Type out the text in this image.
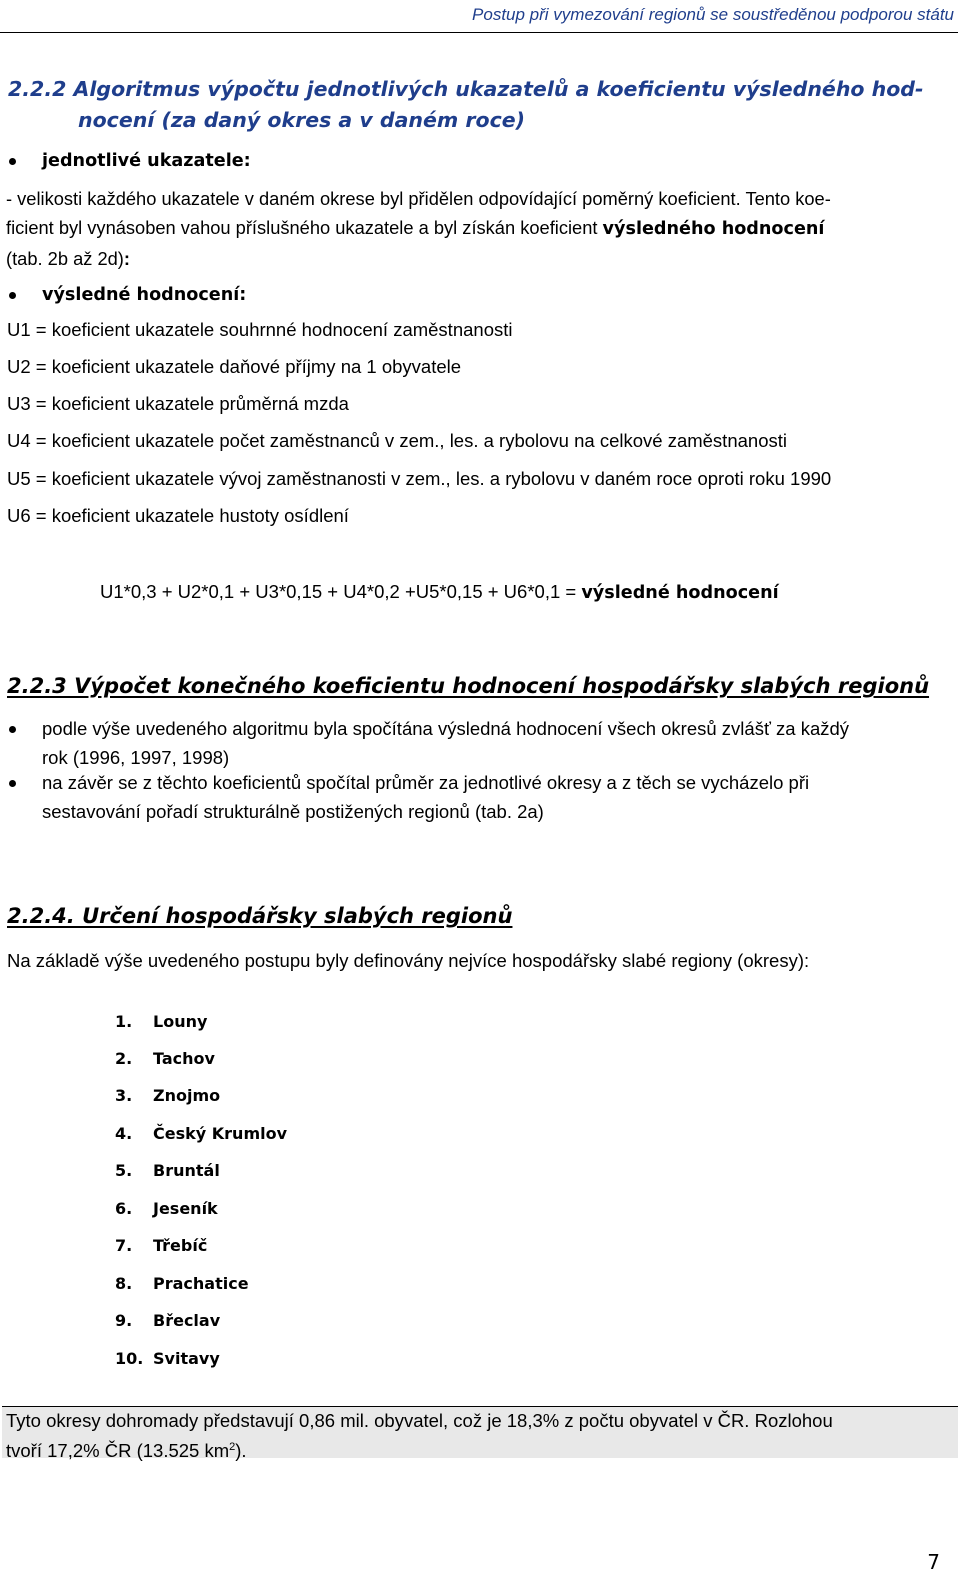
Postup při vymezování regionů se soustředěnou podporou státu
2.2.2 Algoritmus výpočtu jednotlivých ukazatelů a koeficientu výsledného hod-
nocení (za daný okres a v daném roce)
jednotlivé ukazatele:
- velikosti každého ukazatele v daném okrese byl přidělen odpovídající poměrný koeficient. Tento koe-
ficient byl vynásoben vahou příslušného ukazatele a byl získán koeficient výsledného hodnocení
(tab. 2b až 2d):
výsledné hodnocení:
U1 = koeficient ukazatele souhrnné hodnocení zaměstnanosti
U2 = koeficient ukazatele daňové příjmy na 1 obyvatele
U3 = koeficient ukazatele průměrná mzda
U4 = koeficient ukazatele počet zaměstnanců v zem., les. a rybolovu na celkové zaměstnanosti
U5 = koeficient ukazatele vývoj zaměstnanosti v zem., les. a rybolovu v daném roce oproti roku 1990
U6 = koeficient ukazatele hustoty osídlení
U1*0,3 + U2*0,1 + U3*0,15 + U4*0,2 +U5*0,15 + U6*0,1 = výsledné hodnocení
2.2.3 Výpočet konečného koeficientu hodnocení hospodářsky slabých regionů
podle výše uvedeného algoritmu byla spočítána výsledná hodnocení všech okresů zvlášť za každý
rok (1996, 1997, 1998)
na závěr se z těchto koeficientů spočítal průměr za jednotlivé okresy a z těch se vycházelo při
sestavování pořadí strukturálně postižených regionů (tab. 2a)
2.2.4. Určení hospodářsky slabých regionů
Na základě výše uvedeného postupu byly definovány nejvíce hospodářsky slabé regiony (okresy):
1. Louny
2. Tachov
3. Znojmo
4. Český Krumlov
5. Bruntál
6. Jeseník
7. Třebíč
8. Prachatice
9. Břeclav
10. Svitavy
Tyto okresy dohromady představují 0,86 mil. obyvatel, což je 18,3% z počtu obyvatel v ČR. Rozlohou
tvoří 17,2% ČR (13.525 $km^2$).
7
